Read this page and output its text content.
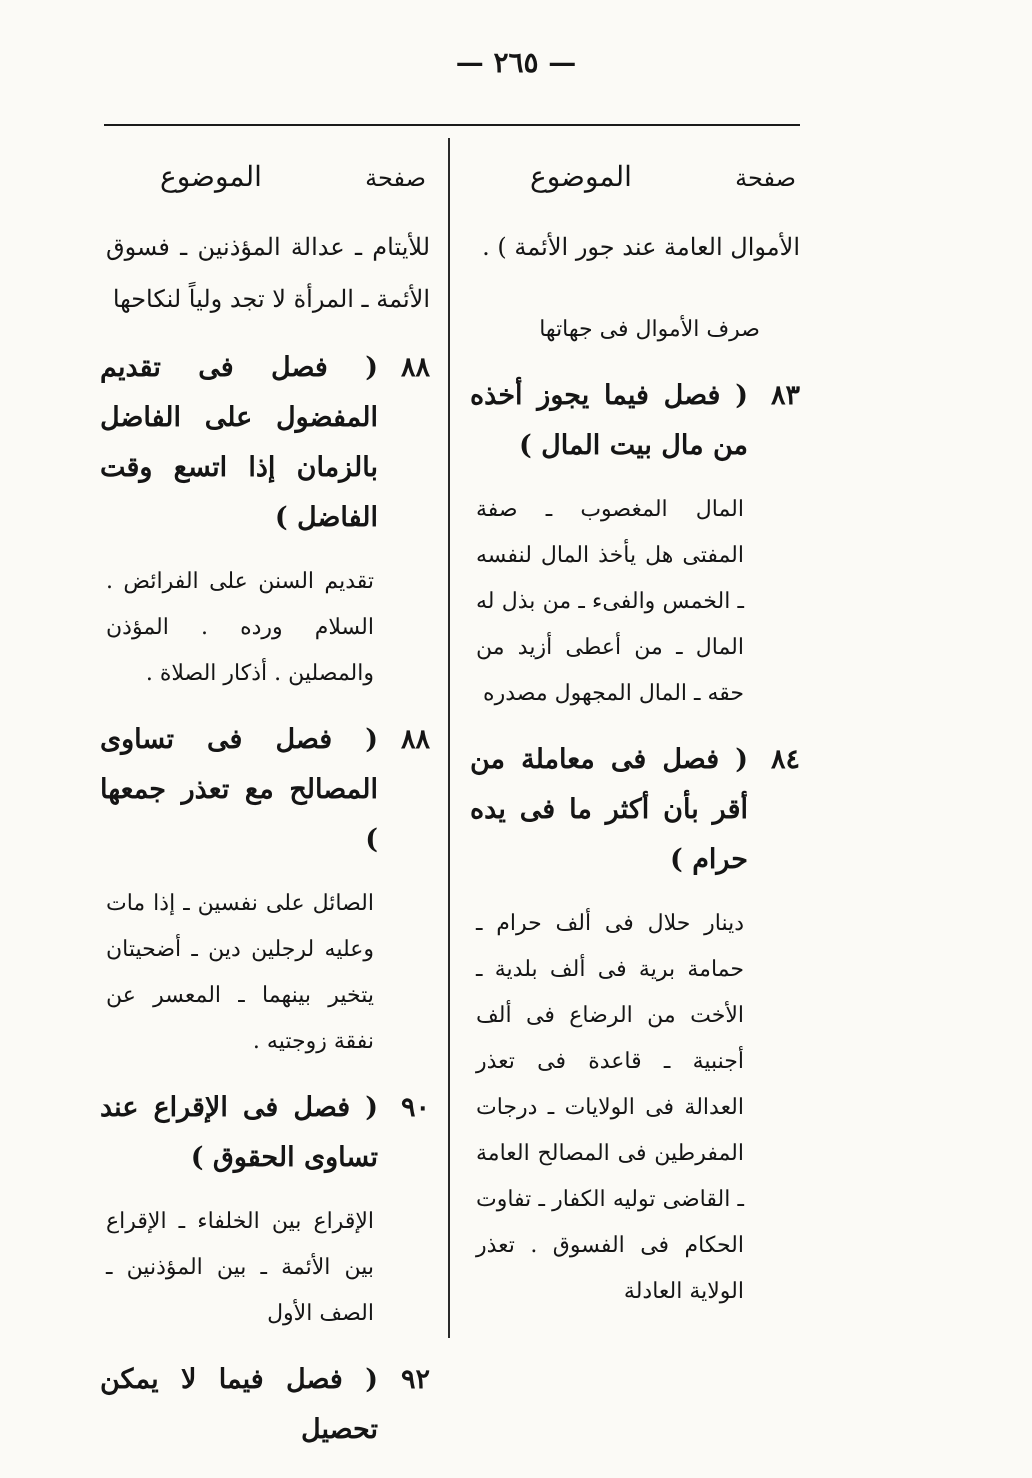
— ٢٦٥ —
صفحة
الموضوع
الأموال العامة عند جور الأئمة ) .
صرف الأموال فى جهاتها
٨٣
( فصل فيما يجوز أخذه من مال بيت المال )
المال المغصوب ـ صفة المفتى هل يأخذ المال لنفسه ـ الخمس والفىء ـ من بذل له المال ـ من أعطى أزيد من حقه ـ المال المجهول مصدره
٨٤
( فصل فى معاملة من أقر بأن أكثر ما فى يده حرام )
دينار حلال فى ألف حرام ـ حمامة برية فى ألف بلدية ـ الأخت من الرضاع فى ألف أجنبية ـ قاعدة فى تعذر العدالة فى الولايات ـ درجات المفرطين فى المصالح العامة ـ القاضى توليه الكفار ـ تفاوت الحكام فى الفسوق . تعذر الولاية العادلة
صفحة
الموضوع
للأيتام ـ عدالة المؤذنين ـ فسوق الأئمة ـ المرأة لا تجد ولياً لنكاحها
٨٨
( فصل فى تقديم المفضول على الفاضل بالزمان إذا اتسع وقت الفاضل )
تقديم السنن على الفرائض . السلام ورده . المؤذن والمصلين . أذكار الصلاة .
٨٨
( فصل فى تساوى المصالح مع تعذر جمعها )
الصائل على نفسين ـ إذا مات وعليه لرجلين دين ـ أضحيتان يتخير بينهما ـ المعسر عن نفقة زوجتيه .
٩٠
( فصل فى الإقراع عند تساوى الحقوق )
الإقراع بين الخلفاء ـ الإقراع بين الأئمة ـ بين المؤذنين ـ الصف الأول
٩٢
( فصل فيما لا يمكن تحصيل
